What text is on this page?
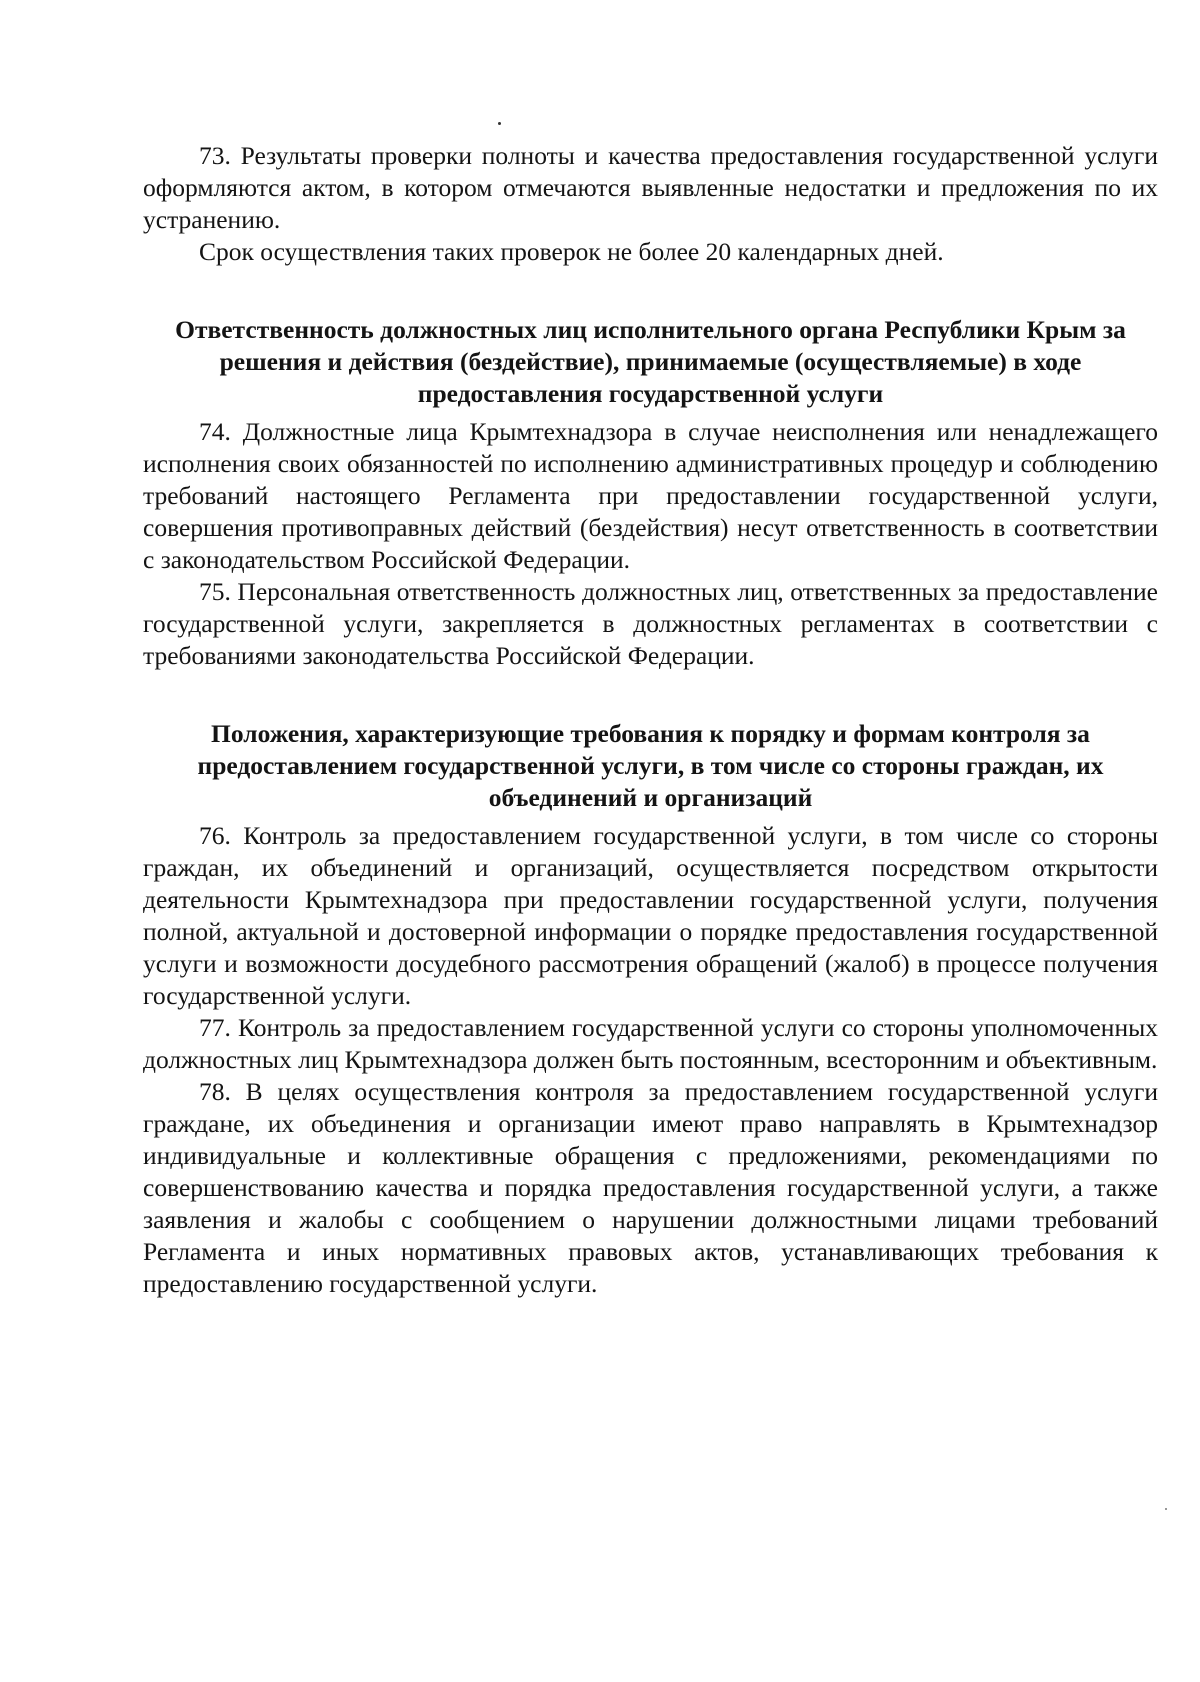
73. Результаты проверки полноты и качества предоставления государственной услуги оформляются актом, в котором отмечаются выявленные недостатки и предложения по их устранению.

Срок осуществления таких проверок не более 20 календарных дней.

Ответственность должностных лиц исполнительного органа Республики Крым за решения и действия (бездействие), принимаемые (осуществляемые) в ходе предоставления государственной услуги

74. Должностные лица Крымтехнадзора в случае неисполнения или ненадлежащего исполнения своих обязанностей по исполнению административных процедур и соблюдению требований настоящего Регламента при предоставлении государственной услуги, совершения противоправных действий (бездействия) несут ответственность в соответствии с законодательством Российской Федерации.

75. Персональная ответственность должностных лиц, ответственных за предоставление государственной услуги, закрепляется в должностных регламентах в соответствии с требованиями законодательства Российской Федерации.

Положения, характеризующие требования к порядку и формам контроля за предоставлением государственной услуги, в том числе со стороны граждан, их объединений и организаций

76. Контроль за предоставлением государственной услуги, в том числе со стороны граждан, их объединений и организаций, осуществляется посредством открытости деятельности Крымтехнадзора при предоставлении государственной услуги, получения полной, актуальной и достоверной информации о порядке предоставления государственной услуги и возможности досудебного рассмотрения обращений (жалоб) в процессе получения государственной услуги.

77. Контроль за предоставлением государственной услуги со стороны уполномоченных должностных лиц Крымтехнадзора должен быть постоянным, всесторонним и объективным.

78. В целях осуществления контроля за предоставлением государственной услуги граждане, их объединения и организации имеют право направлять в Крымтехнадзор индивидуальные и коллективные обращения с предложениями, рекомендациями по совершенствованию качества и порядка предоставления государственной услуги, а также заявления и жалобы с сообщением о нарушении должностными лицами требований Регламента и иных нормативных правовых актов, устанавливающих требования к предоставлению государственной услуги.
